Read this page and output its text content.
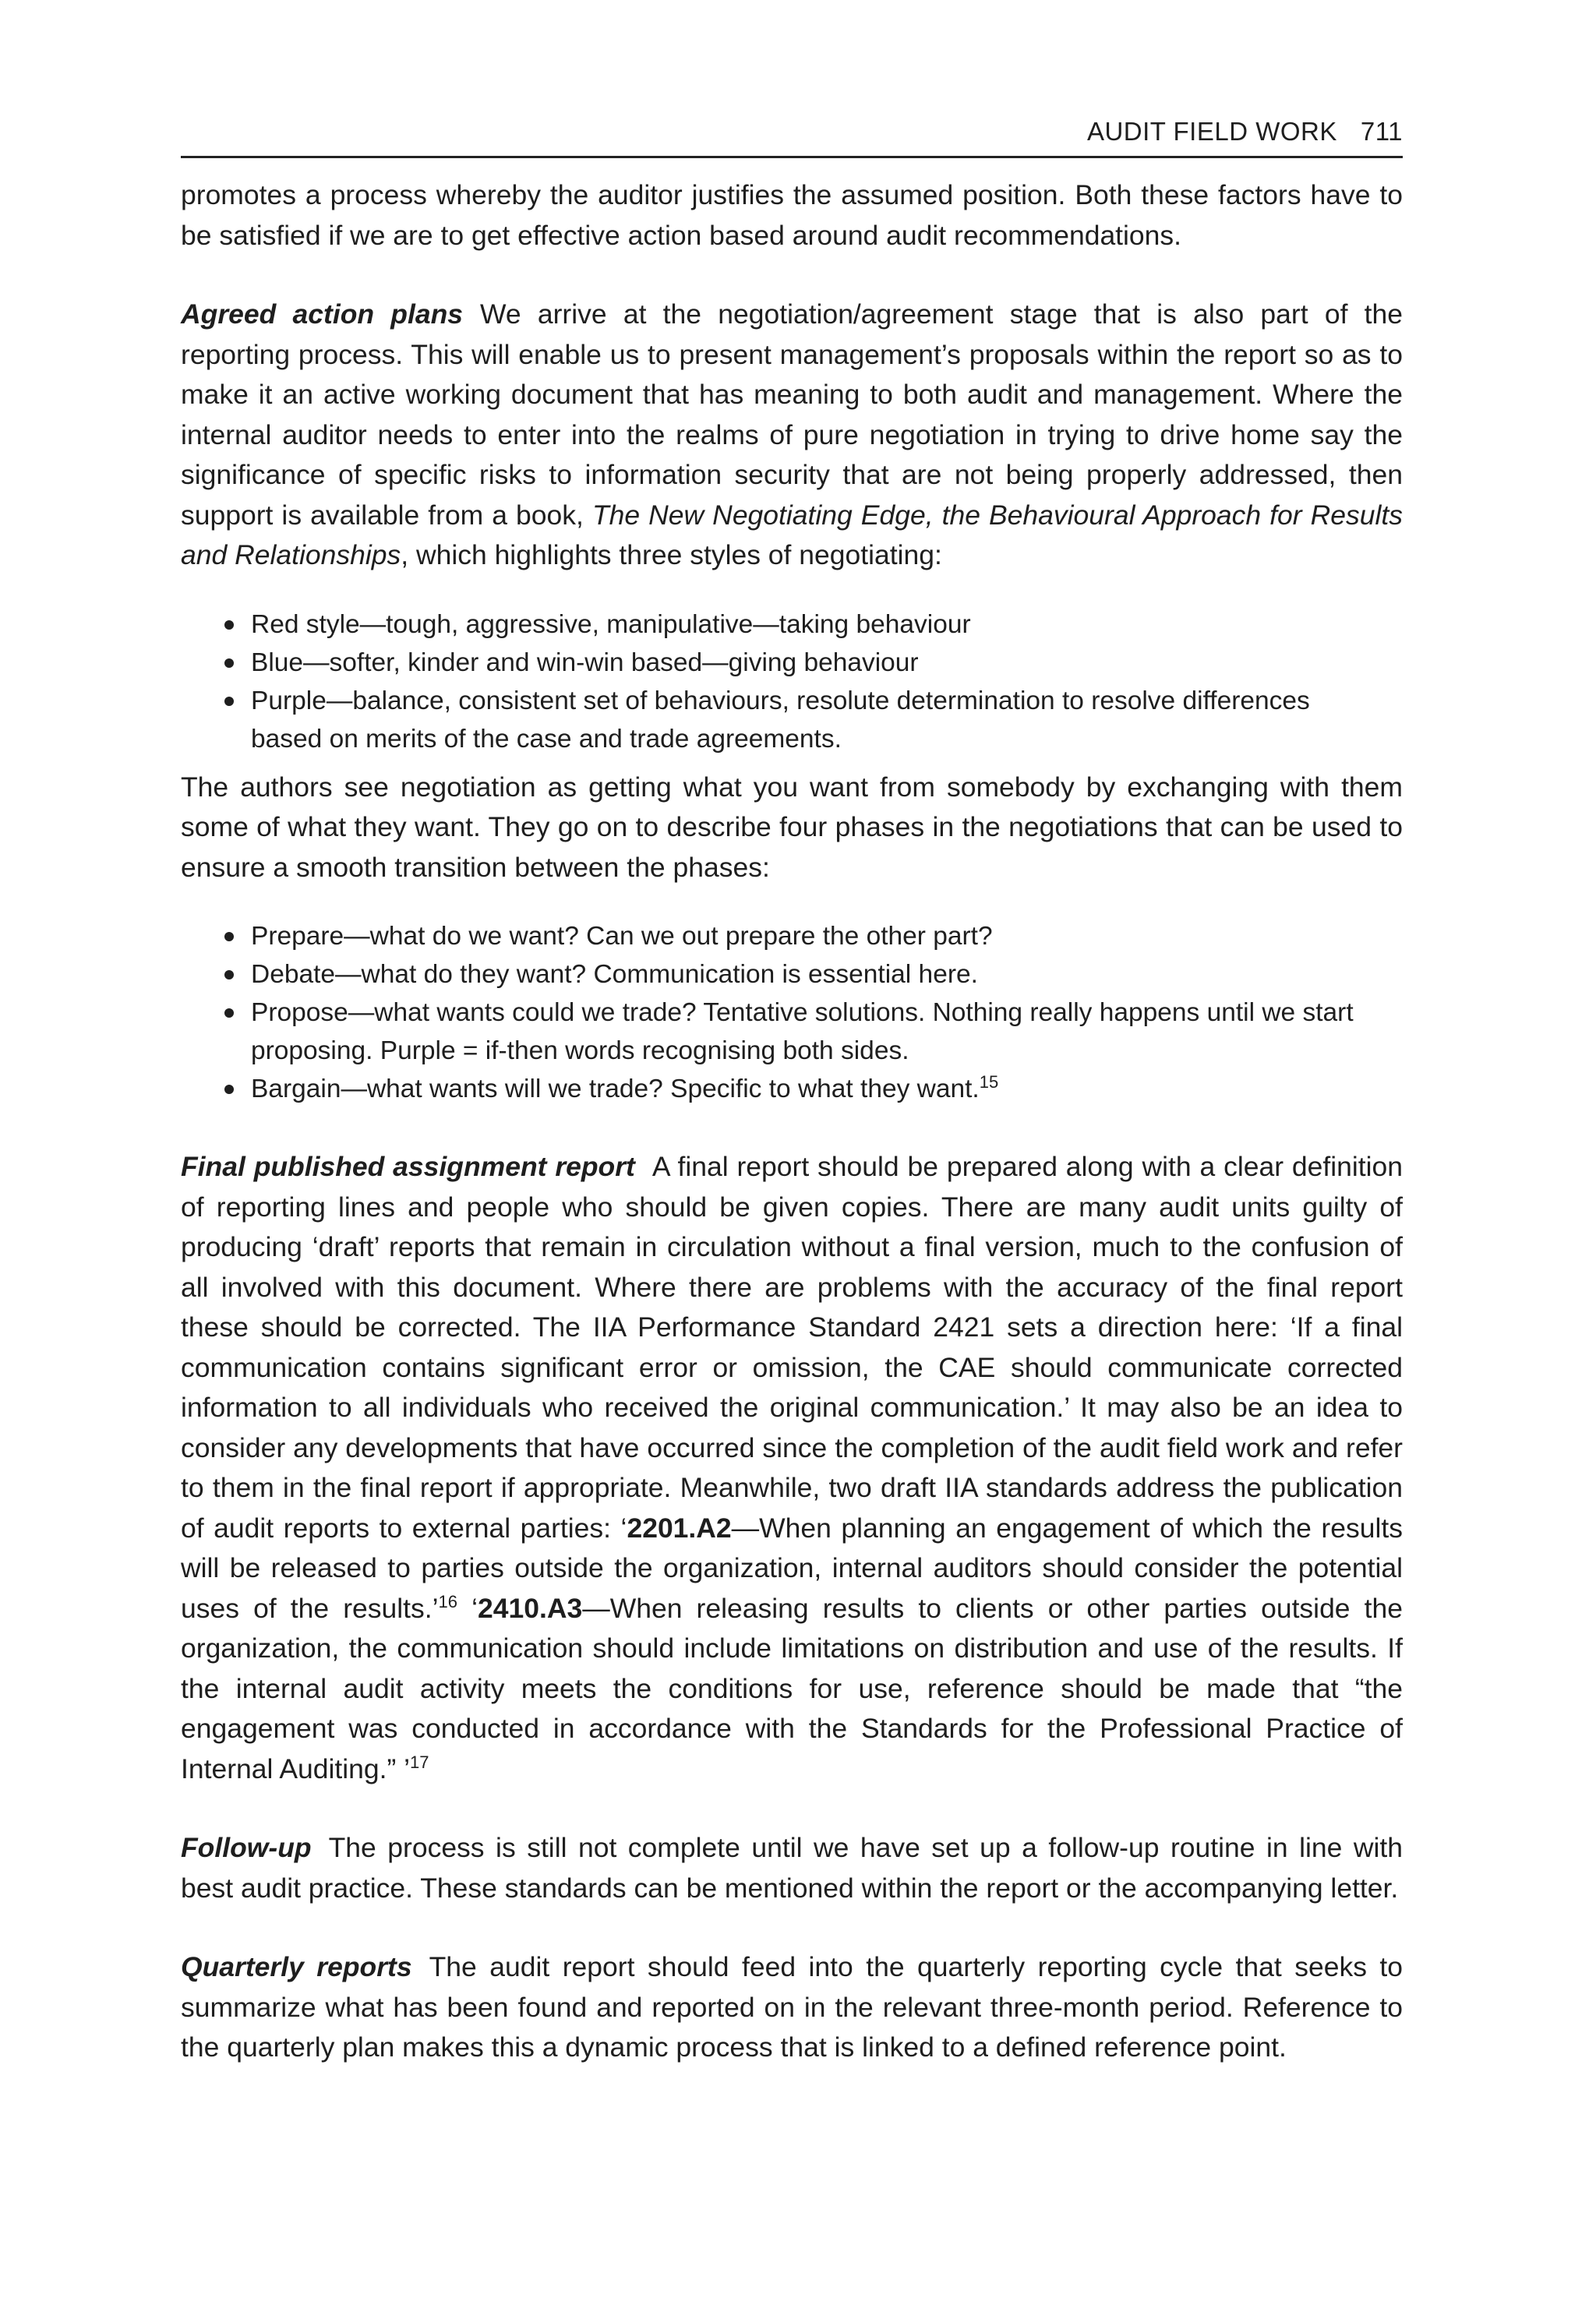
AUDIT FIELD WORK 711

promotes a process whereby the auditor justifies the assumed position. Both these factors have to be satisfied if we are to get effective action based around audit recommendations.

Agreed action plans We arrive at the negotiation/agreement stage that is also part of the reporting process. This will enable us to present management’s proposals within the report so as to make it an active working document that has meaning to both audit and management. Where the internal auditor needs to enter into the realms of pure negotiation in trying to drive home say the significance of specific risks to information security that are not being properly addressed, then support is available from a book, The New Negotiating Edge, the Behavioural Approach for Results and Relationships, which highlights three styles of negotiating:

Red style—tough, aggressive, manipulative—taking behaviour
Blue—softer, kinder and win-win based—giving behaviour
Purple—balance, consistent set of behaviours, resolute determination to resolve differences based on merits of the case and trade agreements.

The authors see negotiation as getting what you want from somebody by exchanging with them some of what they want. They go on to describe four phases in the negotiations that can be used to ensure a smooth transition between the phases:

Prepare—what do we want? Can we out prepare the other part?
Debate—what do they want? Communication is essential here.
Propose—what wants could we trade? Tentative solutions. Nothing really happens until we start proposing. Purple = if-then words recognising both sides.
Bargain—what wants will we trade? Specific to what they want.$^{15}$

Final published assignment report A final report should be prepared along with a clear definition of reporting lines and people who should be given copies. There are many audit units guilty of producing ‘draft’ reports that remain in circulation without a final version, much to the confusion of all involved with this document. Where there are problems with the accuracy of the final report these should be corrected. The IIA Performance Standard 2421 sets a direction here: ‘If a final communication contains significant error or omission, the CAE should communicate corrected information to all individuals who received the original communication.’ It may also be an idea to consider any developments that have occurred since the completion of the audit field work and refer to them in the final report if appropriate. Meanwhile, two draft IIA standards address the publication of audit reports to external parties: ‘2201.A2—When planning an engagement of which the results will be released to parties outside the organization, internal auditors should consider the potential uses of the results.’$^{16}$ ‘2410.A3—When releasing results to clients or other parties outside the organization, the communication should include limitations on distribution and use of the results. If the internal audit activity meets the conditions for use, reference should be made that “the engagement was conducted in accordance with the Standards for the Professional Practice of Internal Auditing.” ’$^{17}$

Follow-up The process is still not complete until we have set up a follow-up routine in line with best audit practice. These standards can be mentioned within the report or the accompanying letter.

Quarterly reports The audit report should feed into the quarterly reporting cycle that seeks to summarize what has been found and reported on in the relevant three-month period. Reference to the quarterly plan makes this a dynamic process that is linked to a defined reference point.
